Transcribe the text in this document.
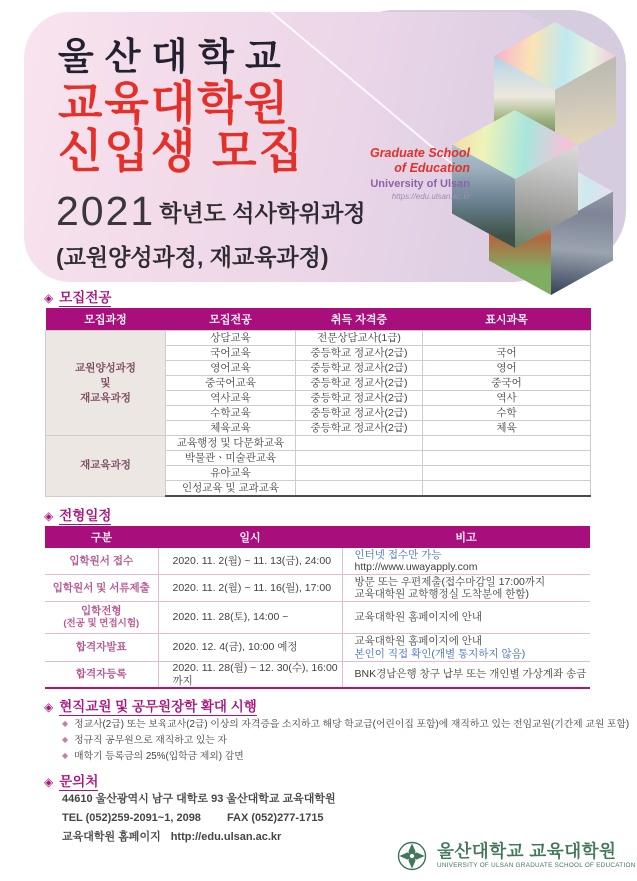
울산대학교
교육대학원
신입생 모집
2021 학년도 석사학위과정
(교원양성과정, 재교육과정)
Graduate School
of Education
University of Ulsan
https://edu.ulsan.ac.kr
◈ 모집전공
모집과정	모집전공	취득 자격증	표시과목

교원양성과정
및
재교육과정	상담교육	전문상담교사(1급)	
	국어교육	중등학교 정교사(2급)	국어
	영어교육	중등학교 정교사(2급)	영어
	중국어교육	중등학교 정교사(2급)	중국어
	역사교육	중등학교 정교사(2급)	역사
	수학교육	중등학교 정교사(2급)	수학
	체육교육	중등학교 정교사(2급)	체육
재교육과정	교육행정 및 다문화교육		
	박물관ㆍ미술관교육		
	유아교육		
	인성교육 및 교과교육		
◈ 전형일정
구분	일시	비고
입학원서 접수	2020. 11. 2(월) ~ 11. 13(금), 24:00	인터넷 접수만 가능
http://www.uwayapply.com

입학원서 및 서류제출	2020. 11. 2(월) ~ 11. 16(월), 17:00	방문 또는 우편제출(접수마감일 17:00까지
교육대학원 교학행정실 도착분에 한함)

입학전형
(전공 및 면접시험)	2020. 11. 28(토), 14:00 ~	교육대학원 홈페이지에 안내
합격자발표	2020. 12. 4(금), 10:00 예정	교육대학원 홈페이지에 안내
본인이 직접 확인(개별 통지하지 않음)

합격자등록	2020. 11. 28(월) ~ 12. 30(수), 16:00 까지	BNK경남은행 창구 납부 또는 개인별 가상계좌 송금
◈ 현직교원 및 공무원장학 확대 시행
◆ 정교사(2급) 또는 보육교사(2급) 이상의 자격증을 소지하고 해당 학교급(어린이집 포함)에 재직하고 있는 전임교원(기간제 교원 포함)
◆ 정규직 공무원으로 재직하고 있는 자
◆ 매학기 등록금의 25%(입학금 제외) 감면
◈ 문의처
44610 울산광역시 남구 대학로 93 울산대학교 교육대학원
TEL (052)259-2091~1, 2098 FAX (052)277-1715
교육대학원 홈페이지 http://edu.ulsan.ac.kr
울산대학교 교육대학원
UNIVERSITY OF ULSAN GRADUATE SCHOOL OF EDUCATION
